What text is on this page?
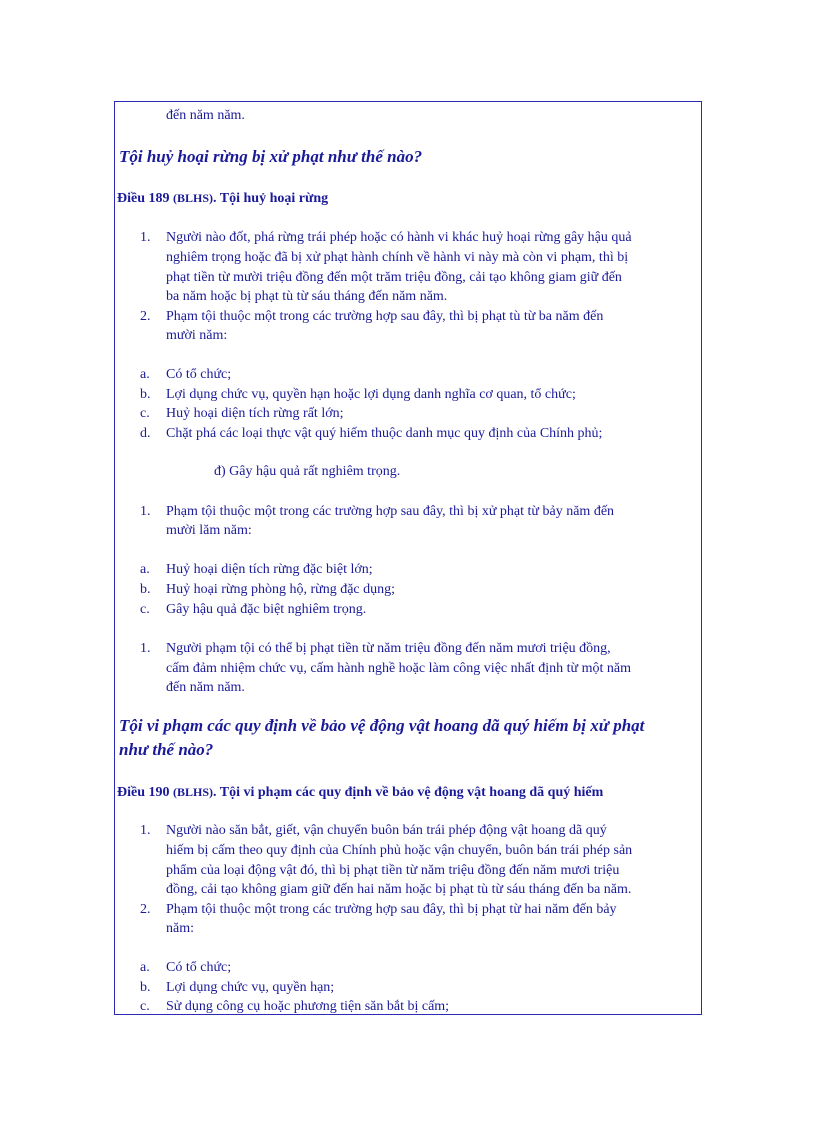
đến năm năm.
Tội huỷ hoại rừng bị xử phạt như thế nào?
Điều 189 (BLHS). Tội huỷ hoại rừng
1. Người nào đốt, phá rừng trái phép hoặc có hành vi khác huỷ hoại rừng gây hậu quả
nghiêm trọng hoặc đã bị xử phạt hành chính về hành vi này mà còn vi phạm, thì bị
phạt tiền từ mười triệu đồng đến một trăm triệu đồng, cải tạo không giam giữ đến
ba năm hoặc bị phạt tù từ sáu tháng đến năm năm.
2. Phạm tội thuộc một trong các trường hợp sau đây, thì bị phạt tù từ ba năm đến
mười năm:
a. Có tổ chức;
b. Lợi dụng chức vụ, quyền hạn hoặc lợi dụng danh nghĩa cơ quan, tổ chức;
c. Huỷ hoại diện tích rừng rất lớn;
d. Chặt phá các loại thực vật quý hiếm thuộc danh mục quy định của Chính phủ;
đ) Gây hậu quả rất nghiêm trọng.
1. Phạm tội thuộc một trong các trường hợp sau đây, thì bị xử phạt từ bảy năm đến
mười lăm năm:
a. Huỷ hoại diện tích rừng đặc biệt lớn;
b. Huỷ hoại rừng phòng hộ, rừng đặc dụng;
c. Gây hậu quả đặc biệt nghiêm trọng.
1. Người phạm tội có thể bị phạt tiền từ năm triệu đồng đến năm mươi triệu đồng,
cấm đảm nhiệm chức vụ, cấm hành nghề hoặc làm công việc nhất định từ một năm
đến năm năm.
Tội vi phạm các quy định về bảo vệ động vật hoang dã quý hiếm bị xử phạt
như thế nào?
Điều 190 (BLHS). Tội vi phạm các quy định về bảo vệ động vật hoang dã quý hiếm
1. Người nào săn bắt, giết, vận chuyển buôn bán trái phép động vật hoang dã quý
hiếm bị cấm theo quy định của Chính phủ hoặc vận chuyển, buôn bán trái phép sản
phẩm của loại động vật đó, thì bị phạt tiền từ năm triệu đồng đến năm mươi triệu
đồng, cải tạo không giam giữ đến hai năm hoặc bị phạt tù từ sáu tháng đến ba năm.
2. Phạm tội thuộc một trong các trường hợp sau đây, thì bị phạt từ hai năm đến bảy
năm:
a. Có tổ chức;
b. Lợi dụng chức vụ, quyền hạn;
c. Sử dụng công cụ hoặc phương tiện săn bắt bị cấm;
